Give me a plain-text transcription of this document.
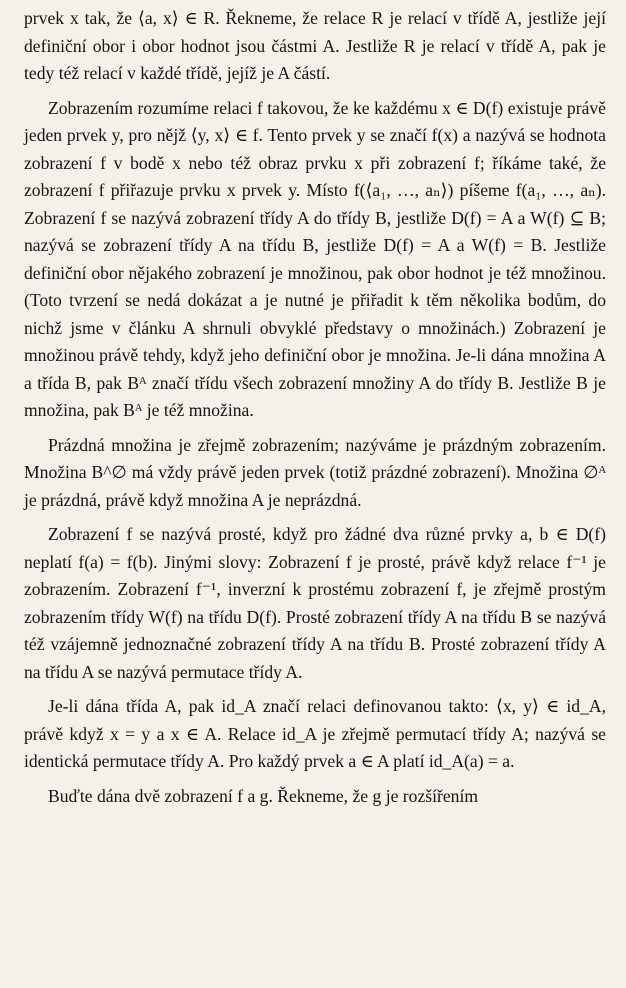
prvek x tak, že ⟨a, x⟩ ∈ R. Řekneme, že relace R je relací v třídě A, jestliže její definiční obor i obor hodnot jsou částmi A. Jestliže R je relací v třídě A, pak je tedy též relací v každé třídě, jejíž je A částí.

Zobrazením rozumíme relaci f takovou, že ke každému x ∈ D(f) existuje právě jeden prvek y, pro nějž ⟨y, x⟩ ∈ f. Tento prvek y se značí f(x) a nazývá se hodnota zobrazení f v bodě x nebo též obraz prvku x při zobrazení f; říkáme také, že zobrazení f přiřazuje prvku x prvek y. Místo f(⟨a₁, …, aₙ⟩) píšeme f(a₁, …, aₙ). Zobrazení f se nazývá zobrazení třídy A do třídy B, jestliže D(f) = A a W(f) ⊆ B; nazývá se zobrazení třídy A na třídu B, jestliže D(f) = A a W(f) = B. Jestliže definiční obor nějakého zobrazení je množinou, pak obor hodnot je též množinou. (Toto tvrzení se nedá dokázat a je nutné je přiřadit k těm několika bodům, do nichž jsme v článku A shrnuli obvyklé představy o množinách.) Zobrazení je množinou právě tehdy, když jeho definiční obor je množina. Je-li dána množina A a třída B, pak Bᴬ značí třídu všech zobrazení množiny A do třídy B. Jestliže B je množina, pak Bᴬ je též množina.

Prázdná množina je zřejmě zobrazením; nazýváme je prázdným zobrazením. Množina B^∅ má vždy právě jeden prvek (totiž prázdné zobrazení). Množina ∅ᴬ je prázdná, právě když množina A je neprázdná.

Zobrazení f se nazývá prosté, když pro žádné dva různé prvky a, b ∈ D(f) neplatí f(a) = f(b). Jinými slovy: Zobrazení f je prosté, právě když relace f⁻¹ je zobrazením. Zobrazení f⁻¹, inverzní k prostému zobrazení f, je zřejmě prostým zobrazením třídy W(f) na třídu D(f). Prosté zobrazení třídy A na třídu B se nazývá též vzájemně jednoznačné zobrazení třídy A na třídu B. Prosté zobrazení třídy A na třídu A se nazývá permutace třídy A.

Je-li dána třída A, pak id_A značí relaci definovanou takto: ⟨x, y⟩ ∈ id_A, právě když x = y a x ∈ A. Relace id_A je zřejmě permutací třídy A; nazývá se identická permutace třídy A. Pro každý prvek a ∈ A platí id_A(a) = a.

Buďte dána dvě zobrazení f a g. Řekneme, že g je rozšířením
